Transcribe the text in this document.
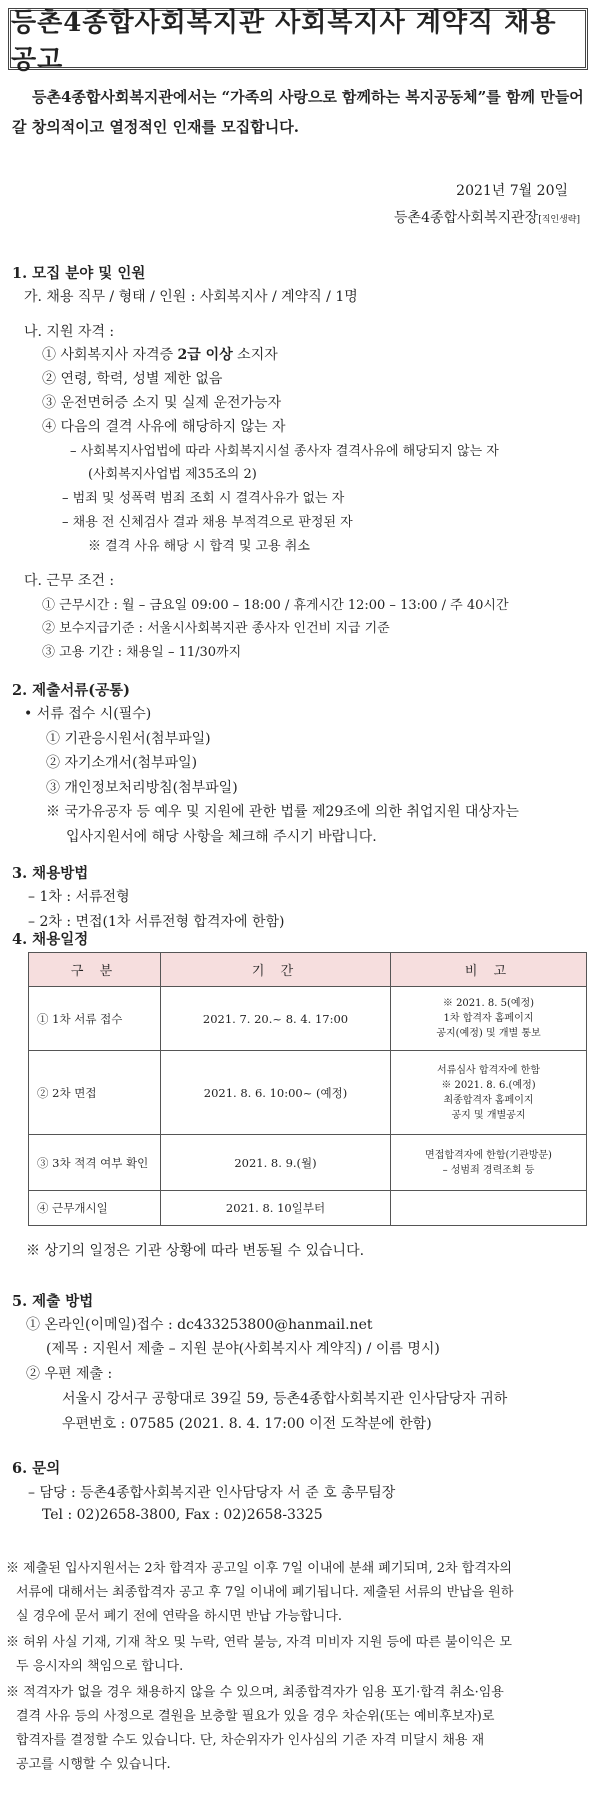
등촌4종합사회복지관 사회복지사 계약직 채용 공고
등촌4종합사회복지관에서는 “가족의 사랑으로 함께하는 복지공동체”를 함께 만들어
갈 창의적이고 열정적인 인재를 모집합니다.
2021년 7월 20일
등촌4종합사회복지관장[직인생략]
1. 모집 분야 및 인원
가. 채용 직무 / 형태 / 인원 : 사회복지사 / 계약직 / 1명
나. 지원 자격 :
① 사회복지사 자격증 2급 이상 소지자
② 연령, 학력, 성별 제한 없음
③ 운전면허증 소지 및 실제 운전가능자
④ 다음의 결격 사유에 해당하지 않는 자
– 사회복지사업법에 따라 사회복지시설 종사자 결격사유에 해당되지 않는 자
(사회복지사업법 제35조의 2)
– 범죄 및 성폭력 범죄 조회 시 결격사유가 없는 자
– 채용 전 신체검사 결과 채용 부적격으로 판정된 자
※ 결격 사유 해당 시 합격 및 고용 취소
다. 근무 조건 :
① 근무시간 : 월 – 금요일 09:00 – 18:00 / 휴게시간 12:00 – 13:00 / 주 40시간
② 보수지급기준 : 서울시사회복지관 종사자 인건비 지급 기준
③ 고용 기간 : 채용일 – 11/30까지
2. 제출서류(공통)
• 서류 접수 시(필수)
① 기관응시원서(첨부파일)
② 자기소개서(첨부파일)
③ 개인정보처리방침(첨부파일)
※ 국가유공자 등 예우 및 지원에 관한 법률 제29조에 의한 취업지원 대상자는
입사지원서에 해당 사항을 체크해 주시기 바랍니다.
3. 채용방법
– 1차 : 서류전형
– 2차 : 면접(1차 서류전형 합격자에 한함)
4. 채용일정
구 분	기 간	비 고
① 1차 서류 접수	2021. 7. 20.~ 8. 4. 17:00	※ 2021. 8. 5(예정)
1차 합격자 홈페이지
공지(예정) 및 개별 통보

② 2차 면접	2021. 8. 6. 10:00~ (예정)	서류심사 합격자에 한함
※ 2021. 8. 6.(예정)
최종합격자 홈페이지
공지 및 개별공지

③ 3차 적격 여부 확인	2021. 8. 9.(월)	면접합격자에 한함(기관방문)
– 성범죄 경력조회 등

④ 근무개시일	2021. 8. 10일부터	
※ 상기의 일정은 기관 상황에 따라 변동될 수 있습니다.
5. 제출 방법
① 온라인(이메일)접수 : dc433253800@hanmail.net
(제목 : 지원서 제출 – 지원 분야(사회복지사 계약직) / 이름 명시)
② 우편 제출 :
서울시 강서구 공항대로 39길 59, 등촌4종합사회복지관 인사담당자 귀하
우편번호 : 07585 (2021. 8. 4. 17:00 이전 도착분에 한함)
6. 문의
– 담당 : 등촌4종합사회복지관 인사담당자 서 준 호 총무팀장
Tel : 02)2658-3800, Fax : 02)2658-3325
※ 제출된 입사지원서는 2차 합격자 공고일 이후 7일 이내에 분쇄 폐기되며, 2차 합격자의
서류에 대해서는 최종합격자 공고 후 7일 이내에 폐기됩니다. 제출된 서류의 반납을 원하
실 경우에 문서 폐기 전에 연락을 하시면 반납 가능합니다.
※ 허위 사실 기재, 기재 착오 및 누락, 연락 불능, 자격 미비자 지원 등에 따른 불이익은 모
두 응시자의 책임으로 합니다.
※ 적격자가 없을 경우 채용하지 않을 수 있으며, 최종합격자가 임용 포기·합격 취소·임용
결격 사유 등의 사정으로 결원을 보충할 필요가 있을 경우 차순위(또는 예비후보자)로
합격자를 결정할 수도 있습니다. 단, 차순위자가 인사심의 기준 자격 미달시 채용 재
공고를 시행할 수 있습니다.
